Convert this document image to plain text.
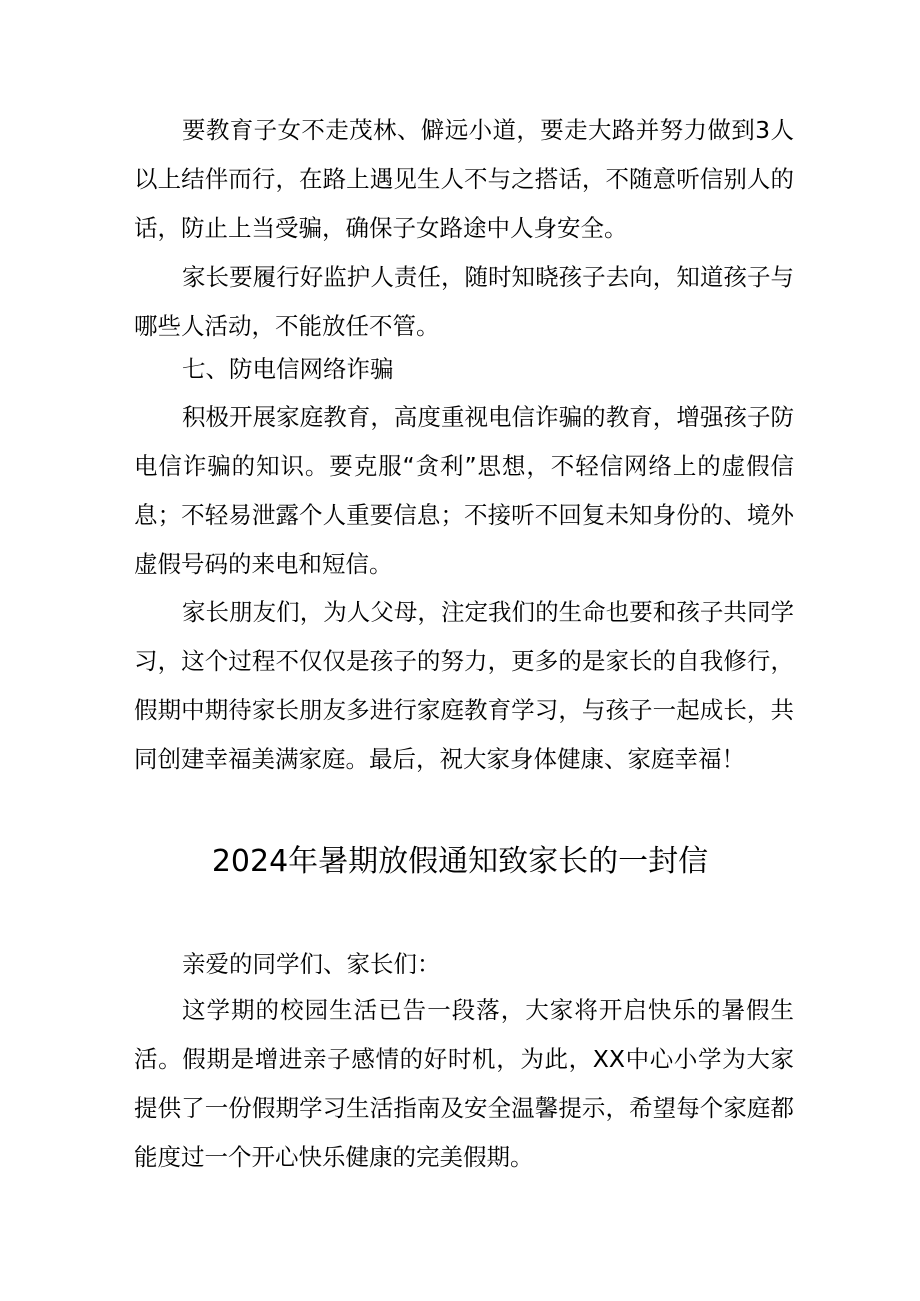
要教育子女不走茂林、僻远小道，要走大路并努力做到3人以上结伴而行，在路上遇见生人不与之搭话，不随意听信别人的话，防止上当受骗，确保子女路途中人身安全。

家长要履行好监护人责任，随时知晓孩子去向，知道孩子与哪些人活动，不能放任不管。

七、防电信网络诈骗

积极开展家庭教育，高度重视电信诈骗的教育，增强孩子防电信诈骗的知识。要克服“贪利”思想，不轻信网络上的虚假信息；不轻易泄露个人重要信息；不接听不回复未知身份的、境外虚假号码的来电和短信。

家长朋友们，为人父母，注定我们的生命也要和孩子共同学习，这个过程不仅仅是孩子的努力，更多的是家长的自我修行，假期中期待家长朋友多进行家庭教育学习，与孩子一起成长，共同创建幸福美满家庭。最后，祝大家身体健康、家庭幸福！

2024年暑期放假通知致家长的一封信

亲爱的同学们、家长们：

这学期的校园生活已告一段落，大家将开启快乐的暑假生活。假期是增进亲子感情的好时机，为此，XX中心小学为大家提供了一份假期学习生活指南及安全温馨提示，希望每个家庭都能度过一个开心快乐健康的完美假期。
